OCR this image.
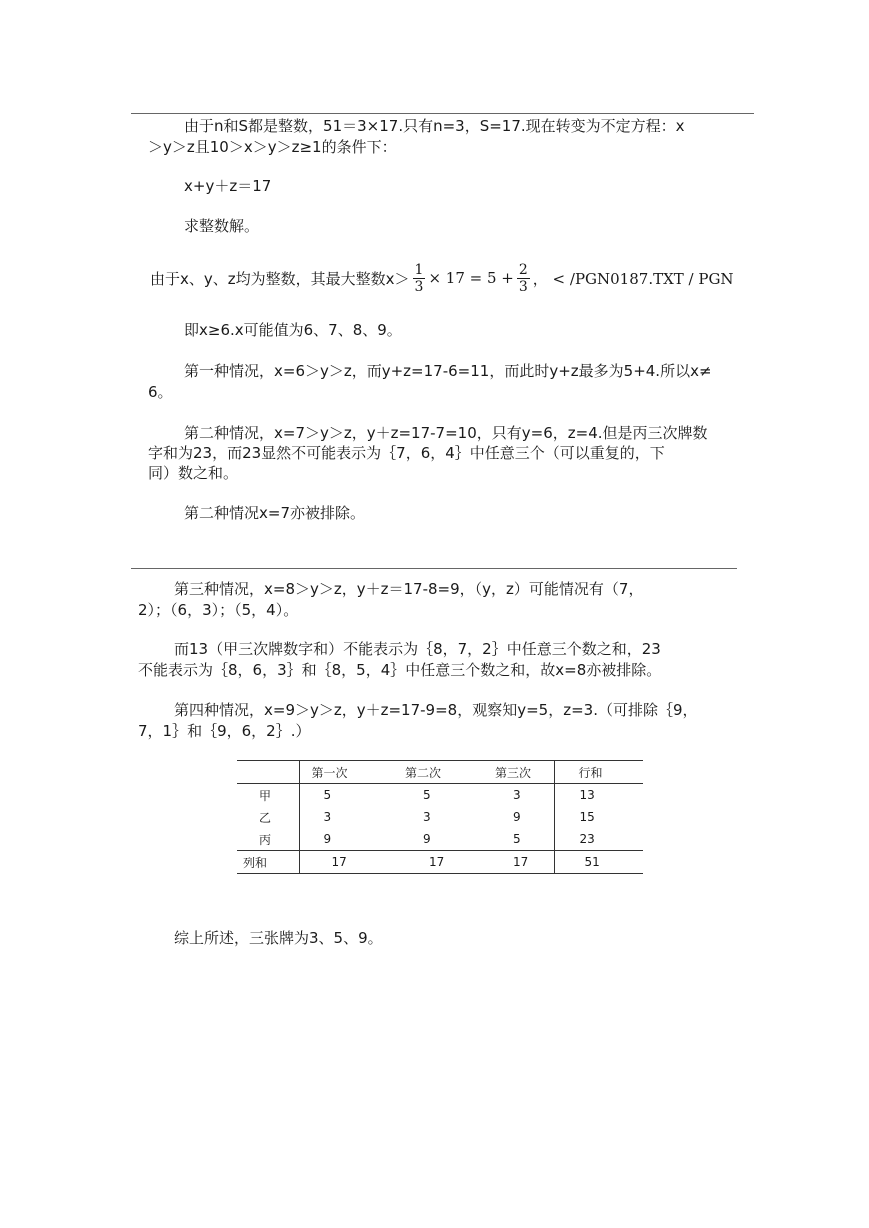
由于n和S都是整数，51＝3×17.只有n=3，S=17.现在转变为不定方程：x
＞y＞z且10＞x＞y＞z≥1的条件下：
x+y＋z＝17
求整数解。
由于x、y、z均为整数，其最大整数$x> \frac{1}{3} \times 17 = 5 + \frac{2}{3}$ ， < /PGN0187.TXT / PGN
即x≥6.x可能值为6、7、8、9。
第一种情况，x=6＞y＞z，而y+z=17-6=11，而此时y+z最多为5+4.所以x≠
6。
第二种情况，x=7＞y＞z，y＋z=17-7=10，只有y=6，z=4.但是丙三次牌数
字和为23，而23显然不可能表示为｛7，6，4｝中任意三个（可以重复的，下
同）数之和。
第二种情况x=7亦被排除。
第三种情况，x=8＞y＞z，y＋z＝17-8=9，（y，z）可能情况有（7，
2）；（6，3）；（5，4）。
而13（甲三次牌数字和）不能表示为｛8，7，2｝中任意三个数之和，23
不能表示为｛8，6，3｝和｛8，5，4｝中任意三个数之和，故x=8亦被排除。
第四种情况，x=9＞y＞z，y＋z=17-9=8，观察知y=5，z=3.（可排除｛9，
7，1｝和｛9，6，2｝.）
	第一次	第二次	第三次	行和
甲	5	5	3	13
乙	3	3	9	15
丙	9	9	5	23
列和	17	17	17	51
综上所述，三张牌为3、5、9。
